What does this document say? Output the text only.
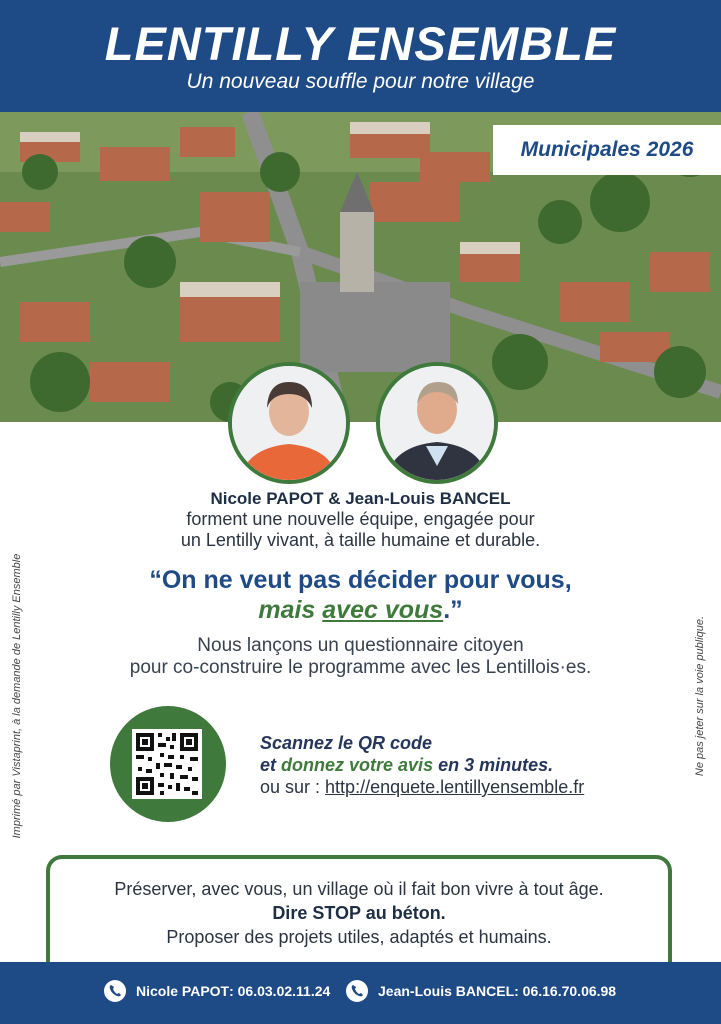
LENTILLY ENSEMBLE
Un nouveau souffle pour notre village
Municipales 2026
Nicole PAPOT & Jean-Louis BANCEL
forment une nouvelle équipe, engagée pour
un Lentilly vivant, à taille humaine et durable.
“On ne veut pas décider pour vous,
mais avec vous.”
Nous lançons un questionnaire citoyen
pour co-construire le programme avec les Lentillois·es.
Scannez le QR code
et donnez votre avis en 3 minutes.
ou sur : http://enquete.lentillyensemble.fr
Préserver, avec vous, un village où il fait bon vivre à tout âge.
Dire STOP au béton.
Proposer des projets utiles, adaptés et humains.
Nicole PAPOT : 06.03.02.11.24	Jean-Louis BANCEL : 06.16.70.06.98
Imprimé par Vistaprint, à la demande de Lentilly Ensemble	Ne pas jeter sur la voie publique.
